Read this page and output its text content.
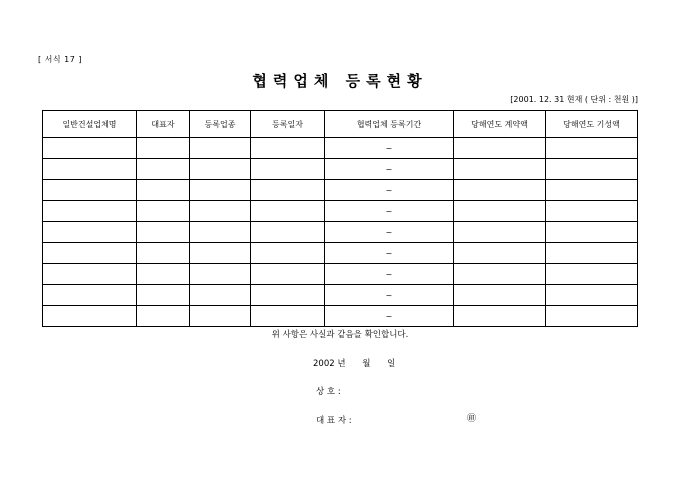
[ 서식 17 ]
협력업체 등록현황
[2001. 12. 31 현재 ( 단위 : 천원 )]
일반건설업체명	대표자	등록업종	등록일자	협력업체 등록기간	당해연도 계약액	당해연도 기성액
				~		
				~		
				~		
				~		
				~		
				~		
				~		
				~		
				~		
위 사항은 사실과 같음을 확인합니다.
2002 년 월 일
상 호 :
대 표 자 :	㊞
